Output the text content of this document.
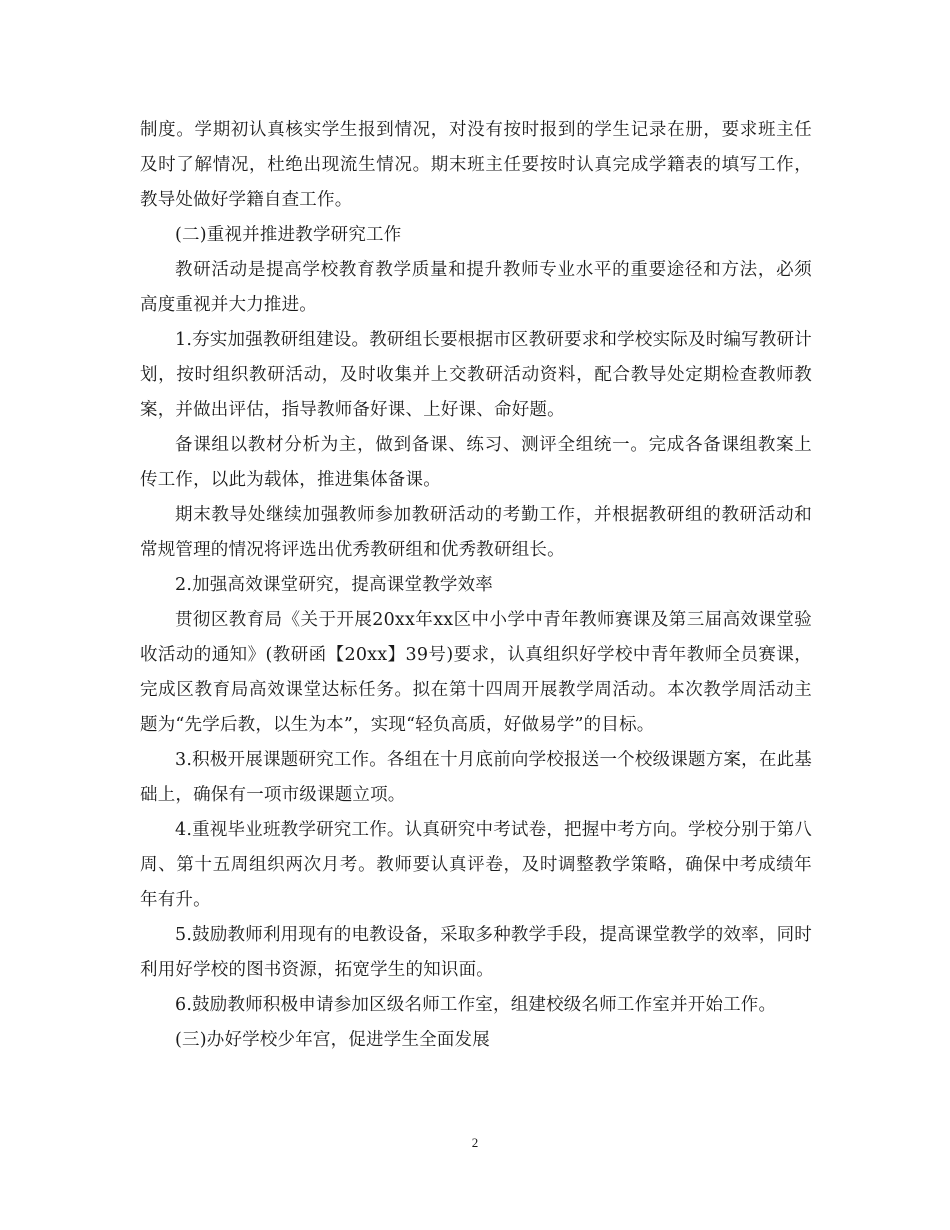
制度。学期初认真核实学生报到情况，对没有按时报到的学生记录在册，要求班主任及时了解情况，杜绝出现流生情况。期末班主任要按时认真完成学籍表的填写工作，教导处做好学籍自查工作。

(二)重视并推进教学研究工作

教研活动是提高学校教育教学质量和提升教师专业水平的重要途径和方法，必须高度重视并大力推进。

1.夯实加强教研组建设。教研组长要根据市区教研要求和学校实际及时编写教研计划，按时组织教研活动，及时收集并上交教研活动资料，配合教导处定期检查教师教案，并做出评估，指导教师备好课、上好课、命好题。

备课组以教材分析为主，做到备课、练习、测评全组统一。完成各备课组教案上传工作，以此为载体，推进集体备课。

期末教导处继续加强教师参加教研活动的考勤工作，并根据教研组的教研活动和常规管理的情况将评选出优秀教研组和优秀教研组长。

2.加强高效课堂研究，提高课堂教学效率

贯彻区教育局《关于开展20xx年xx区中小学中青年教师赛课及第三届高效课堂验收活动的通知》(教研函【20xx】39号)要求，认真组织好学校中青年教师全员赛课，完成区教育局高效课堂达标任务。拟在第十四周开展教学周活动。本次教学周活动主题为“先学后教，以生为本”，实现“轻负高质，好做易学”的目标。

3.积极开展课题研究工作。各组在十月底前向学校报送一个校级课题方案，在此基础上，确保有一项市级课题立项。

4.重视毕业班教学研究工作。认真研究中考试卷，把握中考方向。学校分别于第八周、第十五周组织两次月考。教师要认真评卷，及时调整教学策略，确保中考成绩年年有升。

5.鼓励教师利用现有的电教设备，采取多种教学手段，提高课堂教学的效率，同时利用好学校的图书资源，拓宽学生的知识面。

6.鼓励教师积极申请参加区级名师工作室，组建校级名师工作室并开始工作。

(三)办好学校少年宫，促进学生全面发展

2
